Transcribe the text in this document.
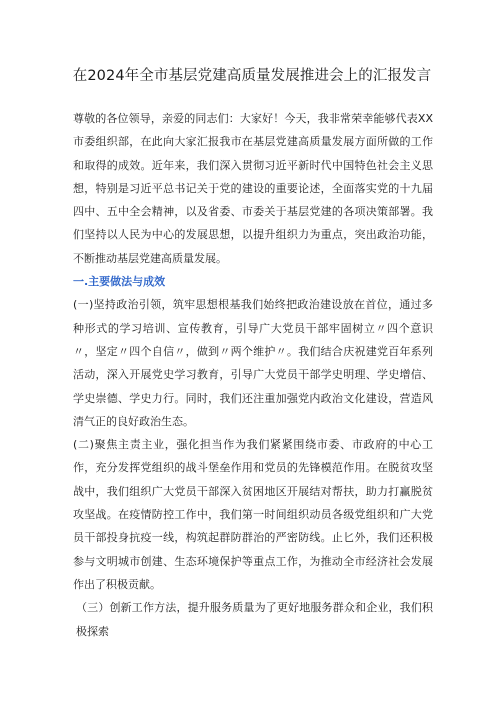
在2024年全市基层党建高质量发展推进会上的汇报发言

尊敬的各位领导，亲爱的同志们：大家好！今天，我非常荣幸能够代表XX市委组织部，在此向大家汇报我市在基层党建高质量发展方面所做的工作和取得的成效。近年来，我们深入贯彻习近平新时代中国特色社会主义思想，特别是习近平总书记关于党的建设的重要论述，全面落实党的十九届四中、五中全会精神，以及省委、市委关于基层党建的各项决策部署。我们坚持以人民为中心的发展思想，以提升组织力为重点，突出政治功能，不断推动基层党建高质量发展。

一.主要做法与成效

(一)坚持政治引领，筑牢思想根基我们始终把政治建设放在首位，通过多种形式的学习培训、宣传教育，引导广大党员干部牢固树立〃四个意识〃，坚定〃四个自信〃，做到〃两个维护〃。我们结合庆祝建党百年系列活动，深入开展党史学习教育，引导广大党员干部学史明理、学史增信、学史崇德、学史力行。同时，我们还注重加强党内政治文化建设，营造风清气正的良好政治生态。

(二)聚焦主责主业，强化担当作为我们紧紧围绕市委、市政府的中心工作，充分发挥党组织的战斗堡垒作用和党员的先锋模范作用。在脱贫攻坚战中，我们组织广大党员干部深入贫困地区开展结对帮扶，助力打赢脱贫攻坚战。在疫情防控工作中，我们第一时间组织动员各级党组织和广大党员干部投身抗疫一线，构筑起群防群治的严密防线。止匕外，我们还积极参与文明城市创建、生态环境保护等重点工作，为推动全市经济社会发展作出了积极贡献。

（三）创新工作方法，提升服务质量为了更好地服务群众和企业，我们积极探索
